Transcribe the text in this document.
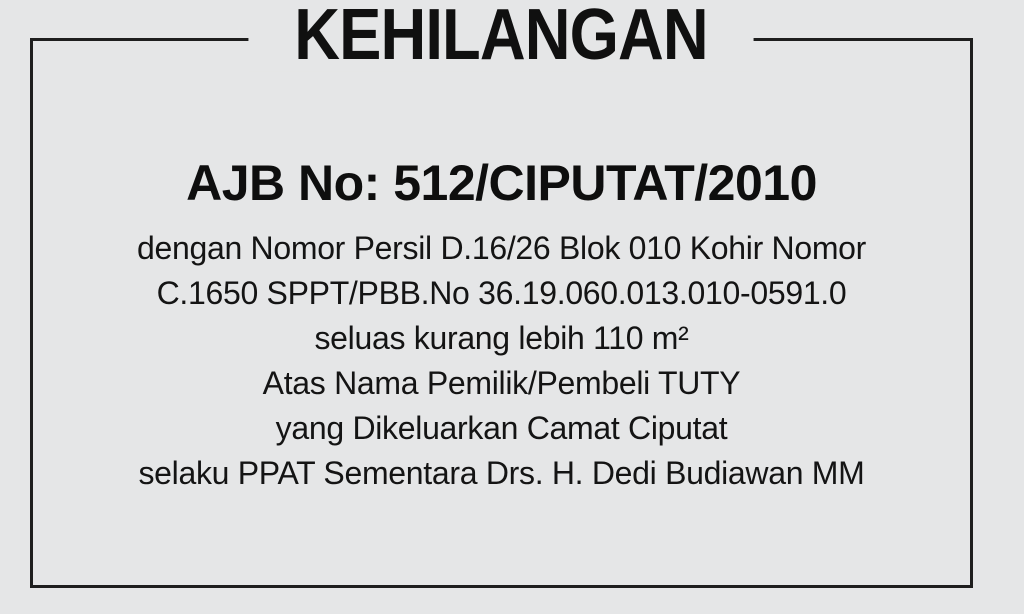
KEHILANGAN
AJB No: 512/CIPUTAT/2010
dengan Nomor Persil D.16/26 Blok 010 Kohir Nomor
C.1650 SPPT/PBB.No 36.19.060.013.010-0591.0
seluas kurang lebih 110 m²
Atas Nama Pemilik/Pembeli TUTY
yang Dikeluarkan Camat Ciputat
selaku PPAT Sementara Drs. H. Dedi Budiawan MM
